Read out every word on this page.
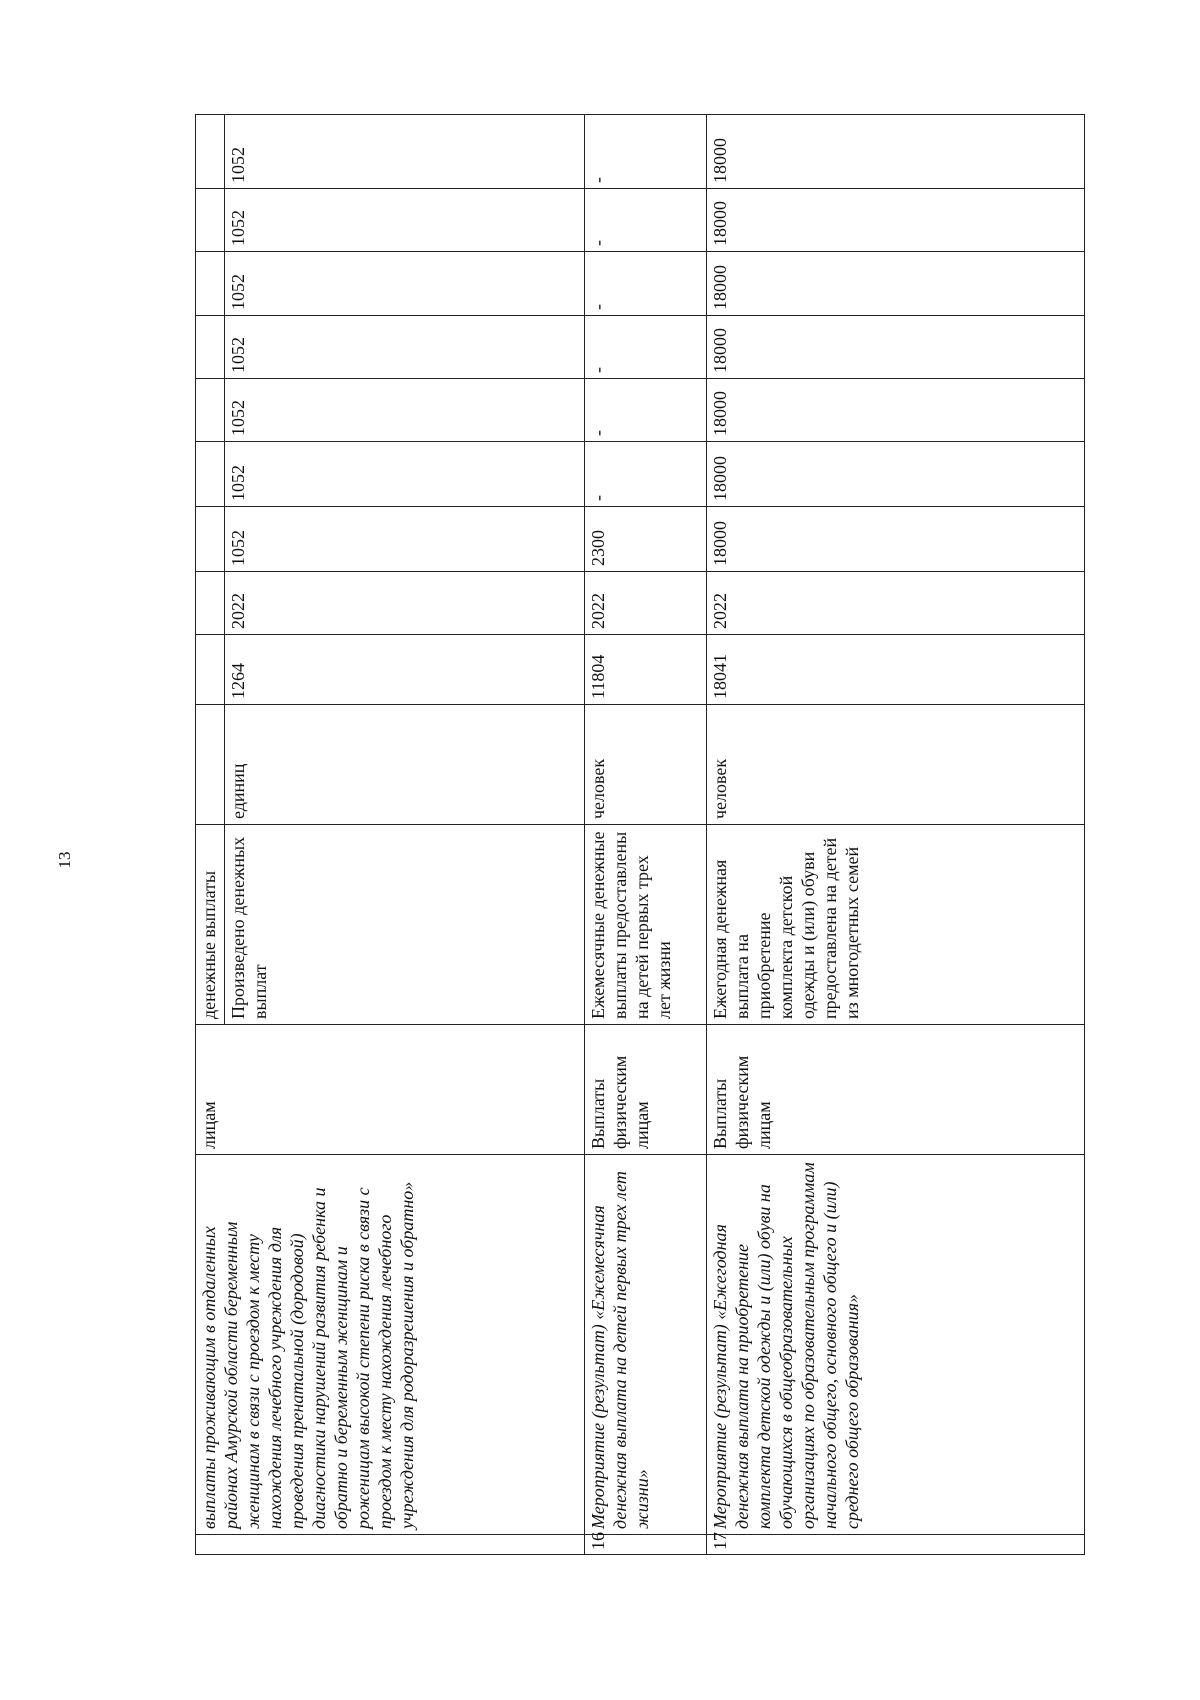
13
	выплаты проживающим в отдаленных районах Амурской области беременным женщинам в связи с проездом к месту нахождения лечебного учреждения для проведения пренатальной (дородовой) диагностики нарушений развития ребенка и обратно и беременным женщинам и роженицам высокой степени риска в связи с проездом к месту нахождения лечебного учреждения для родоразрешения и обратно»	лицам	денежные выплаты										
			Произведено денежных выплат	единиц	1264	2022	1052	1052	1052	1052	1052	1052	1052
16	Мероприятие (результат) «Ежемесячная денежная выплата на детей первых трех лет жизни»	Выплаты физическим лицам	Ежемесячные денежные выплаты предоставлены на детей первых трех лет жизни	человек	11804	2022	2300	-	-	-	-	-	-
17	Мероприятие (результат) «Ежегодная денежная выплата на приобретение комплекта детской одежды и (или) обуви на обучающихся в общеобразовательных организациях по образовательным программам начального общего, основного общего и (или) среднего общего образования»	Выплаты физическим лицам	Ежегодная денежная выплата на приобретение комплекта детской одежды и (или) обуви предоставлена на детей из многодетных семей	человек	18041	2022	18000	18000	18000	18000	18000	18000	18000
